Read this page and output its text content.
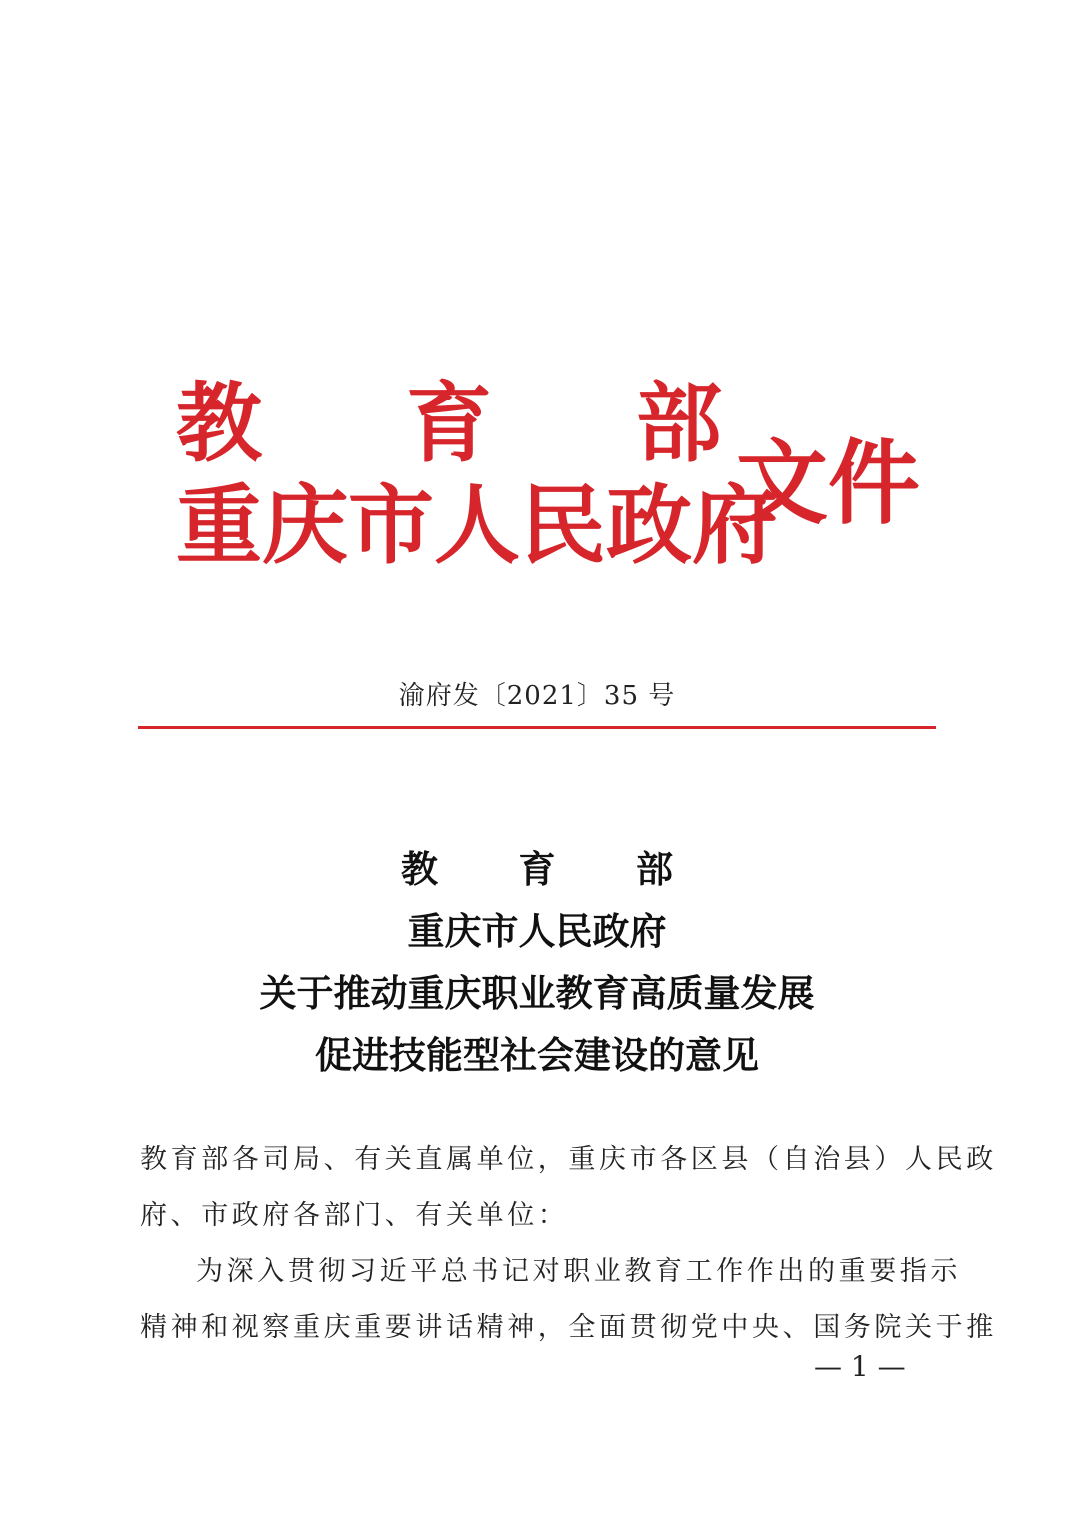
教 育 部
重 庆 市 人 民 政 府
文件
渝府发〔2021〕35 号
教 育 部
重庆市人民政府
关于推动重庆职业教育高质量发展
促进技能型社会建设的意见
教育部各司局、有关直属单位，重庆市各区县（自治县）人民政
府、市政府各部门、有关单位：
为深入贯彻习近平总书记对职业教育工作作出的重要指示
精神和视察重庆重要讲话精神，全面贯彻党中央、国务院关于推
— 1 —
